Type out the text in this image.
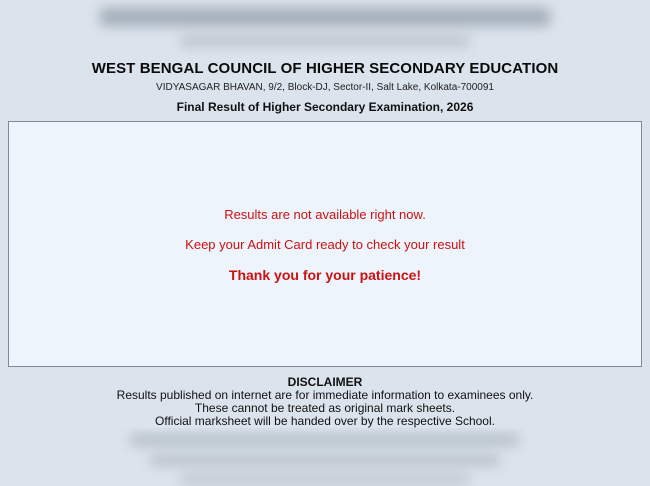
WEST BENGAL COUNCIL OF HIGHER SECONDARY EDUCATION
VIDYASAGAR BHAVAN, 9/2, Block-DJ, Sector-II, Salt Lake, Kolkata-700091
Final Result of Higher Secondary Examination, 2026
Results are not available right now.
Keep your Admit Card ready to check your result
Thank you for your patience!
DISCLAIMER
Results published on internet are for immediate information to examinees only.
These cannot be treated as original mark sheets.
Official marksheet will be handed over by the respective School.
